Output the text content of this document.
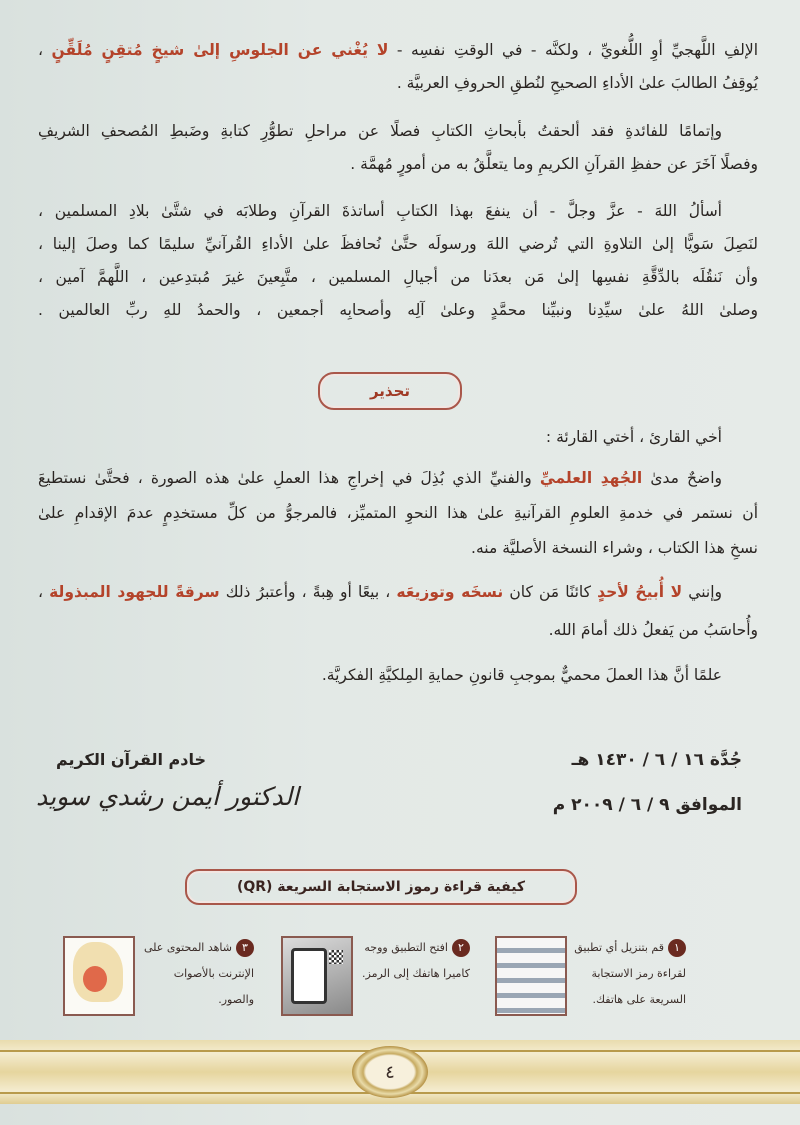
الإلفِ اللَّهجيِّ أوِ اللُّغويِّ ، ولكنَّه - في الوقتِ نفسِه - لا يُغْني عن الجلوسِ إلىٰ شيخٍ مُتقِنٍ مُلَقِّنٍ ،
يُوقِفُ الطالبَ علىٰ الأداءِ الصحيحِ لنُطقِ الحروفِ العربيَّة .
وإتمامًا للفائدةِ فقد ألحقتُ بأبحاثِ الكتابِ فصلًا عن مراحلِ تطوُّرِ كتابةِ وضَبطِ المُصحفِ الشريفِ
وفصلًا آخَرَ عن حفظِ القرآنِ الكريمِ وما يتعلَّقُ به من أمورٍ مُهمَّة .
أسألُ اللهَ - عزَّ وجلَّ - أن ينفعَ بهذا الكتابِ أساتذةَ القرآنِ وطلابَه في شتَّىٰ بلادِ المسلمين ،
لنَصِلَ سَويًّا إلىٰ التلاوةِ التي تُرضي اللهَ ورسولَه حتَّىٰ نُحافظَ علىٰ الأداءِ القُرآنيِّ سليمًا كما وصلَ إلينا ،
وأن نَنقُلَه بالدِّقَّةِ نفسِها إلىٰ مَن بعدَنا من أجيالِ المسلمين ، متَّبِعينَ غيرَ مُبتدِعين ، اللَّهمَّ آمين ،
وصلىٰ اللهُ علىٰ سيِّدِنا ونبيِّنا محمَّدٍ وعلىٰ آلِه وأصحابِه أجمعين ، والحمدُ للهِ ربِّ العالمين .
تحذير
أخي القارئ ، أختي القارئة :
واضحٌ مدىٰ الجُهدِ العلميِّ والفنيِّ الذي بُذِلَ في إخراجِ هذا العملِ علىٰ هذه الصورة ، فحتَّىٰ نستطيعَ
أن نستمر في خدمةِ العلومِ القرآنيةِ علىٰ هذا النحوِ المتميِّز، فالمرجوُّ من كلِّ مستخدِمٍ عدمَ الإقدامِ علىٰ
نسخِ هذا الكتاب ، وشراء النسخة الأصليَّة منه.
وإنني لا أُبيحُ لأحدٍ كائنًا مَن كان نسخَه وتوزيعَه ، بيعًا أو هِبةً ، وأعتبرُ ذلك سرقةً للجهود المبذولة ،
وأُحاسَبُ من يَفعلُ ذلك أمامَ الله.
علمًا أنَّ هذا العملَ محميٌّ بموجبِ قانونِ حمايةِ المِلكيَّةِ الفكريَّة.
جُدَّة ١٦ / ٦ / ١٤٣٠ هـ
الموافق ٩ / ٦ / ٢٠٠٩ م
خادم القرآن الكريم
الدكتور أيمن رشدي سويد
كيفية قراءة رموز الاستجابة السريعة (QR)
١قم بتنزيل أي تطبيق لقراءة رمز الاستجابة السريعة على هاتفك.
٢افتح التطبيق ووجه كاميرا هاتفك إلى الرمز.
٣شاهد المحتوى على الإنترنت بالأصوات والصور.
٤
